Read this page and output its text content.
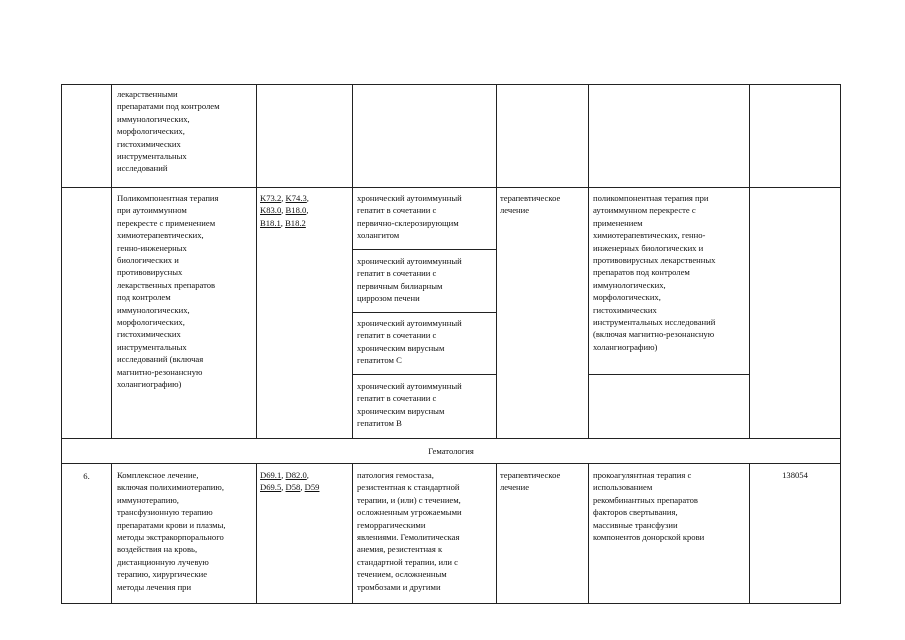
лекарственными
препаратами под контролем
иммунологических,
морфологических,
гистохимических
инструментальных
исследований
Поликомпонентная терапия
при аутоиммунном
перекресте с применением
химиотерапевтических,
генно-инженерных
биологических и
противовирусных
лекарственных препаратов
под контролем
иммунологических,
морфологических,
гистохимических
инструментальных
исследований (включая
магнитно-резонансную
холангиографию)
K73.2, K74.3,
K83.0, B18.0,
B18.1, B18.2
хронический аутоиммунный
гепатит в сочетании с
первично-склерозирующим
холангитом
хронический аутоиммунный
гепатит в сочетании с
первичным билиарным
циррозом печени
хронический аутоиммунный
гепатит в сочетании с
хроническим вирусным
гепатитом C
хронический аутоиммунный
гепатит в сочетании с
хроническим вирусным
гепатитом B
терапевтическое
лечение
поликомпонентная терапия при
аутоиммунном перекресте с
применением
химиотерапевтических, генно-
инженерных биологических и
противовирусных лекарственных
препаратов под контролем
иммунологических,
морфологических,
гистохимических
инструментальных исследований
(включая магнитно-резонансную
холангиографию)
Гематология
6.	Комплексное лечение,
включая полихимиотерапию,
иммунотерапию,
трансфузионную терапию
препаратами крови и плазмы,
методы экстракорпорального
воздействия на кровь,
дистанционную лучевую
терапию, хирургические
методы лечения при
D69.1, D82.0,
D69.5, D58, D59
патология гемостаза,
резистентная к стандартной
терапии, и (или) с течением,
осложненным угрожаемыми
геморрагическими
явлениями. Гемолитическая
анемия, резистентная к
стандартной терапии, или с
течением, осложненным
тромбозами и другими
терапевтическое
лечение
прокоагулянтная терапия с
использованием
рекомбинантных препаратов
факторов свертывания,
массивные трансфузии
компонентов донорской крови
138054
